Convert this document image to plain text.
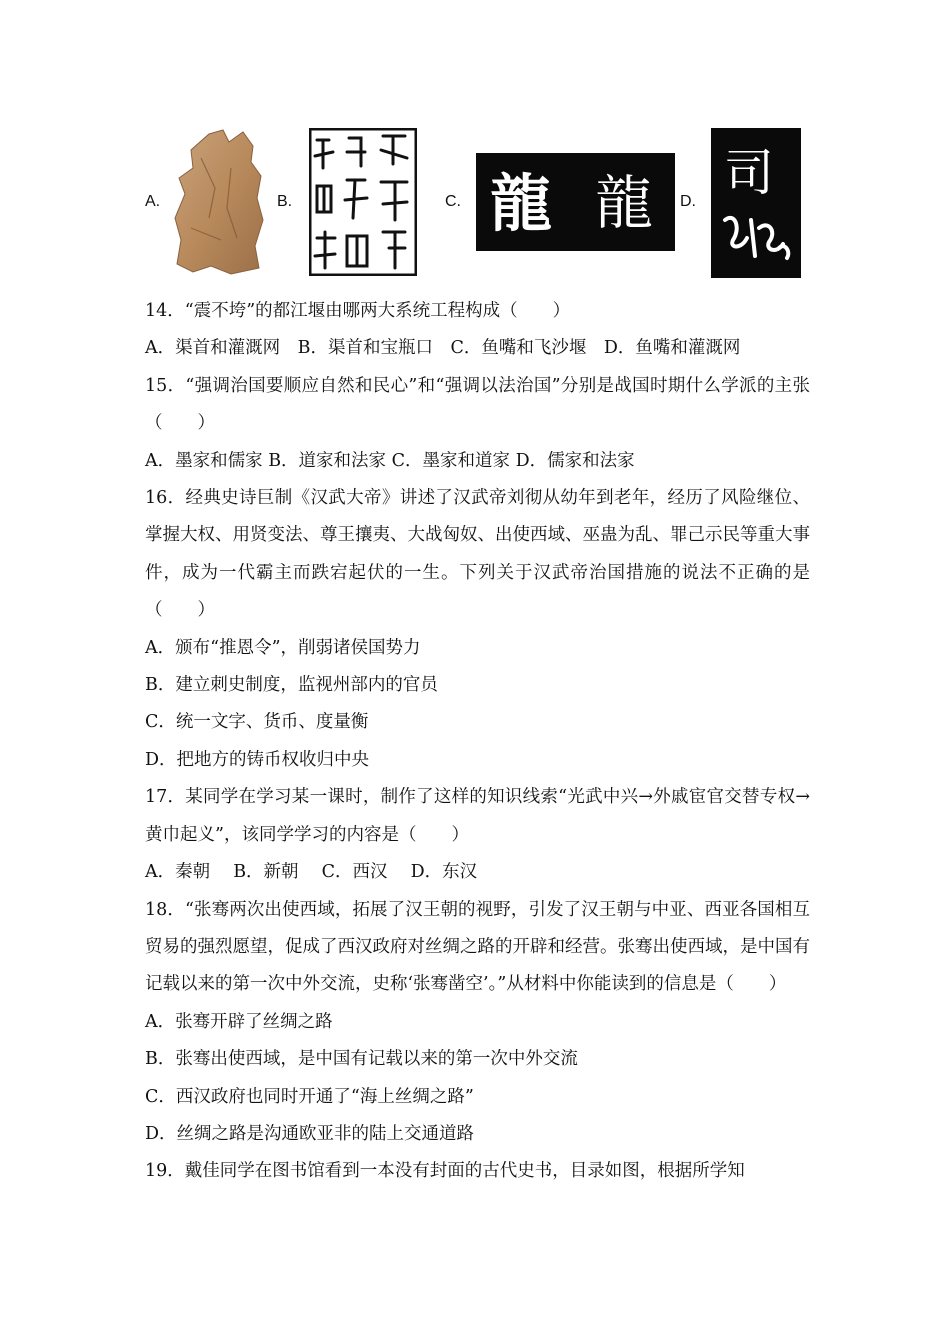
A.	B.	C. 龍 龍 D. 司

14．“震不垮”的都江堰由哪两大系统工程构成（　　）

A．渠首和灌溉网　B．渠首和宝瓶口　C．鱼嘴和飞沙堰　D．鱼嘴和灌溉网

15．“强调治国要顺应自然和民心”和“强调以法治国”分别是战国时期什么学派的主张（　　）

A．墨家和儒家 B．道家和法家 C．墨家和道家 D．儒家和法家

16．经典史诗巨制《汉武大帝》讲述了汉武帝刘彻从幼年到老年，经历了风险继位、掌握大权、用贤变法、尊王攘夷、大战匈奴、出使西域、巫蛊为乱、罪己示民等重大事件，成为一代霸主而跌宕起伏的一生。下列关于汉武帝治国措施的说法不正确的是（　　）

A．颁布“推恩令”，削弱诸侯国势力

B．建立刺史制度，监视州部内的官员

C．统一文字、货币、度量衡

D．把地方的铸币权收归中央

17．某同学在学习某一课时，制作了这样的知识线索“光武中兴→外戚宦官交替专权→黄巾起义”，该同学学习的内容是（　　）

A．秦朝　 B．新朝　 C．西汉　 D．东汉

18．“张骞两次出使西域，拓展了汉王朝的视野，引发了汉王朝与中亚、西亚各国相互贸易的强烈愿望，促成了西汉政府对丝绸之路的开辟和经营。张骞出使西域，是中国有记载以来的第一次中外交流，史称‘张骞凿空’。”从材料中你能读到的信息是（　　）

A．张骞开辟了丝绸之路

B．张骞出使西域，是中国有记载以来的第一次中外交流

C．西汉政府也同时开通了“海上丝绸之路”

D．丝绸之路是沟通欧亚非的陆上交通道路

19．戴佳同学在图书馆看到一本没有封面的古代史书，目录如图，根据所学知
